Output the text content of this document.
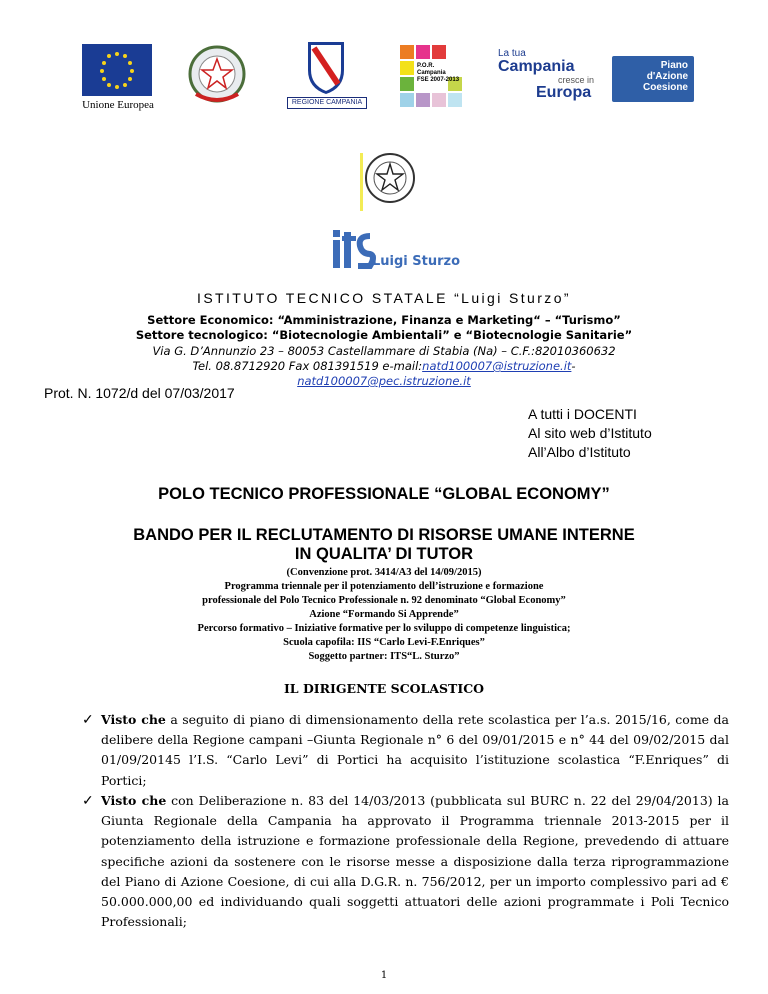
Unione Europea	REGIONE CAMPANIA
P.O.R.
Campania
FSE 2007-2013
La tua
Campania
cresce in
Europa
Piano
d'Azione
Coesione
Luigi Sturzo
ISTITUTO TECNICO STATALE “Luigi Sturzo”
Settore Economico: “Amministrazione, Finanza e Marketing“ – “Turismo”
Settore tecnologico: “Biotecnologie Ambientali” e “Biotecnologie Sanitarie”
Via G. D’Annunzio 23 – 80053 Castellammare di Stabia (Na) – C.F.:82010360632
Tel. 08.8712920 Fax 081391519 e-mail:natd100007@istruzione.it-
natd100007@pec.istruzione.it
Prot. N. 1072/d del 07/03/2017
A tutti i DOCENTI
Al sito web d’Istituto
All’Albo d’Istituto
POLO TECNICO PROFESSIONALE “GLOBAL ECONOMY”
BANDO PER IL RECLUTAMENTO DI RISORSE UMANE INTERNE
IN QUALITA’ DI TUTOR
(Convenzione prot. 3414/A3 del 14/09/2015)
Programma triennale per il potenziamento dell’istruzione e formazione
professionale del Polo Tecnico Professionale n. 92 denominato “Global Economy”
Azione “Formando Si Apprende”
Percorso formativo – Iniziative formative per lo sviluppo di competenze linguistica;
Scuola capofila: IIS “Carlo Levi-F.Enriques”
Soggetto partner: ITS“L. Sturzo”
IL DIRIGENTE SCOLASTICO
✓ Visto che a seguito di piano di dimensionamento della rete scolastica per l’a.s. 2015/16, come da delibere della Regione campani –Giunta Regionale n° 6 del 09/01/2015 e n° 44 del 09/02/2015 dal 01/09/20145 l’I.S. “Carlo Levi” di Portici ha acquisito l’istituzione scolastica “F.Enriques” di Portici;
✓ Visto che con Deliberazione n. 83 del 14/03/2013 (pubblicata sul BURC n. 22 del 29/04/2013) la Giunta Regionale della Campania ha approvato il Programma triennale 2013-2015 per il potenziamento della istruzione e formazione professionale della Regione, prevedendo di attuare specifiche azioni da sostenere con le risorse messe a disposizione dalla terza riprogrammazione del Piano di Azione Coesione, di cui alla D.G.R. n. 756/2012, per un importo complessivo pari ad € 50.000.000,00 ed individuando quali soggetti attuatori delle azioni programmate i Poli Tecnico Professionali;
1
